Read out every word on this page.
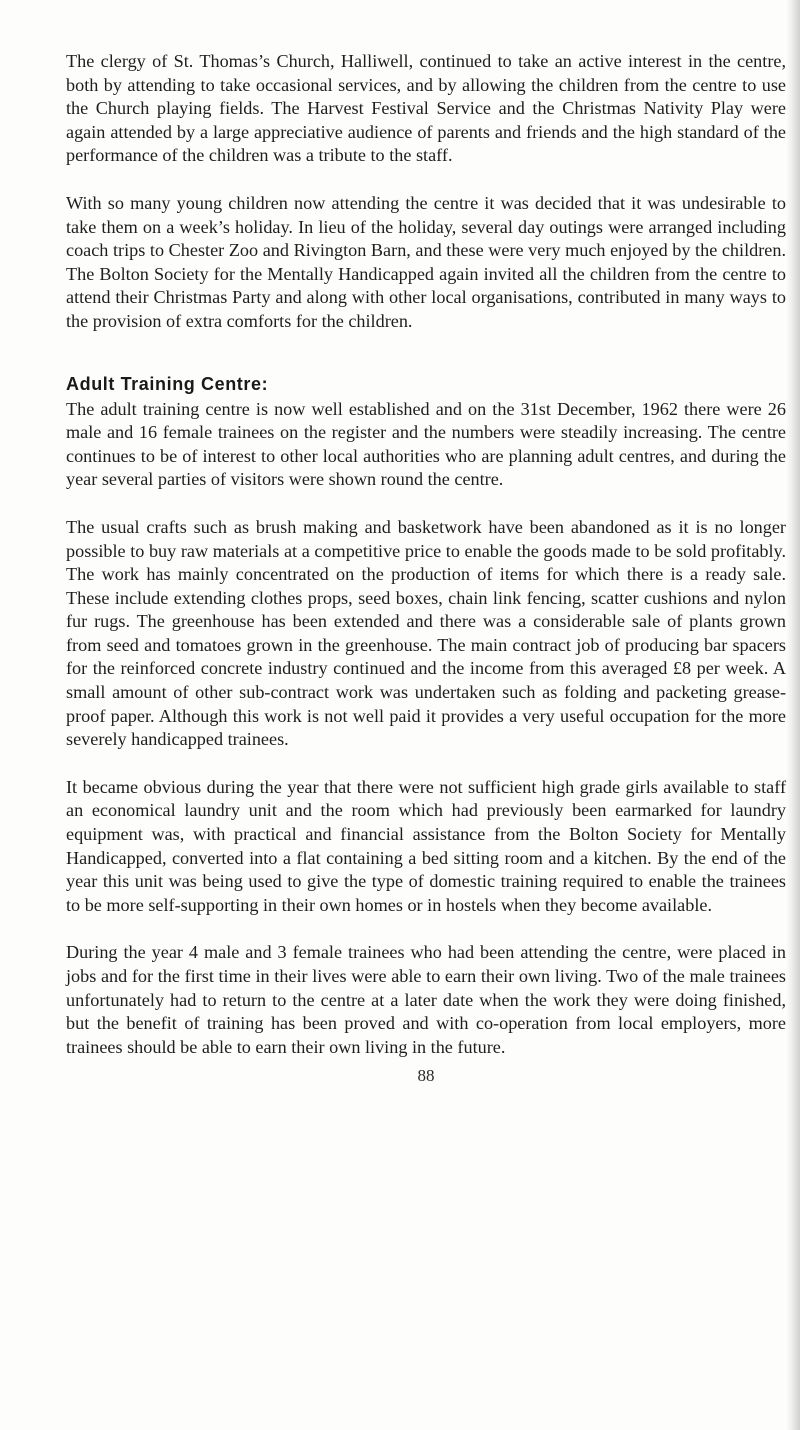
The clergy of St. Thomas’s Church, Halliwell, continued to take an active interest in the centre, both by attending to take occasional services, and by allowing the children from the centre to use the Church playing fields. The Harvest Festival Service and the Christmas Nativity Play were again attended by a large appreciative audience of parents and friends and the high standard of the performance of the children was a tribute to the staff.

With so many young children now attending the centre it was decided that it was undesirable to take them on a week’s holiday. In lieu of the holiday, several day outings were arranged including coach trips to Chester Zoo and Rivington Barn, and these were very much enjoyed by the children. The Bolton Society for the Mentally Handicapped again invited all the children from the centre to attend their Christmas Party and along with other local organisations, contributed in many ways to the provision of extra comforts for the children.

Adult Training Centre:

The adult training centre is now well established and on the 31st December, 1962 there were 26 male and 16 female trainees on the register and the numbers were steadily increasing. The centre continues to be of interest to other local authorities who are planning adult centres, and during the year several parties of visitors were shown round the centre.

The usual crafts such as brush making and basketwork have been abandoned as it is no longer possible to buy raw materials at a competitive price to enable the goods made to be sold profitably. The work has mainly concentrated on the production of items for which there is a ready sale. These include extending clothes props, seed boxes, chain link fencing, scatter cushions and nylon fur rugs. The greenhouse has been extended and there was a considerable sale of plants grown from seed and tomatoes grown in the greenhouse. The main contract job of producing bar spacers for the reinforced concrete industry continued and the income from this averaged £8 per week. A small amount of other sub-contract work was undertaken such as folding and packeting grease-proof paper. Although this work is not well paid it provides a very useful occupation for the more severely handicapped trainees.

It became obvious during the year that there were not sufficient high grade girls available to staff an economical laundry unit and the room which had previously been earmarked for laundry equipment was, with practical and financial assistance from the Bolton Society for Mentally Handicapped, converted into a flat containing a bed sitting room and a kitchen. By the end of the year this unit was being used to give the type of domestic training required to enable the trainees to be more self-supporting in their own homes or in hostels when they become available.

During the year 4 male and 3 female trainees who had been attending the centre, were placed in jobs and for the first time in their lives were able to earn their own living. Two of the male trainees unfortunately had to return to the centre at a later date when the work they were doing finished, but the benefit of training has been proved and with co-operation from local employers, more trainees should be able to earn their own living in the future.

88
